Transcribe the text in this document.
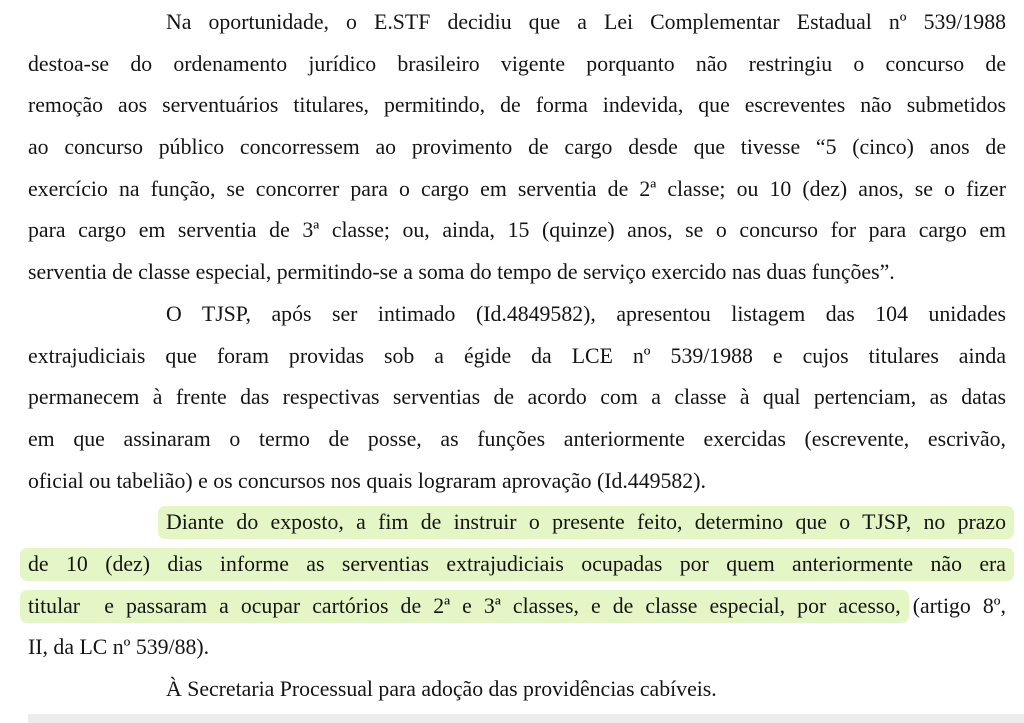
Na oportunidade, o E.STF decidiu que a Lei Complementar Estadual nº 539/1988
destoa-se do ordenamento jurídico brasileiro vigente porquanto não restringiu o concurso de
remoção aos serventuários titulares, permitindo, de forma indevida, que escreventes não submetidos
ao concurso público concorressem ao provimento de cargo desde que tivesse “5 (cinco) anos de
exercício na função, se concorrer para o cargo em serventia de 2ª classe; ou 10 (dez) anos, se o fizer
para cargo em serventia de 3ª classe; ou, ainda, 15 (quinze) anos, se o concurso for para cargo em
serventia de classe especial, permitindo-se a soma do tempo de serviço exercido nas duas funções”.
O TJSP, após ser intimado (Id.4849582), apresentou listagem das 104 unidades
extrajudiciais que foram providas sob a égide da LCE nº 539/1988 e cujos titulares ainda
permanecem à frente das respectivas serventias de acordo com a classe à qual pertenciam, as datas
em que assinaram o termo de posse, as funções anteriormente exercidas (escrevente, escrivão,
oficial ou tabelião) e os concursos nos quais lograram aprovação (Id.449582).
Diante do exposto, a fim de instruir o presente feito, determino que o TJSP, no prazo
de 10 (dez) dias informe as serventias extrajudiciais ocupadas por quem anteriormente não era
titular  e passaram a ocupar cartórios de 2ª e 3ª classes, e de classe especial, por acesso, (artigo 8º,
II, da LC nº 539/88).
À Secretaria Processual para adoção das providências cabíveis.
